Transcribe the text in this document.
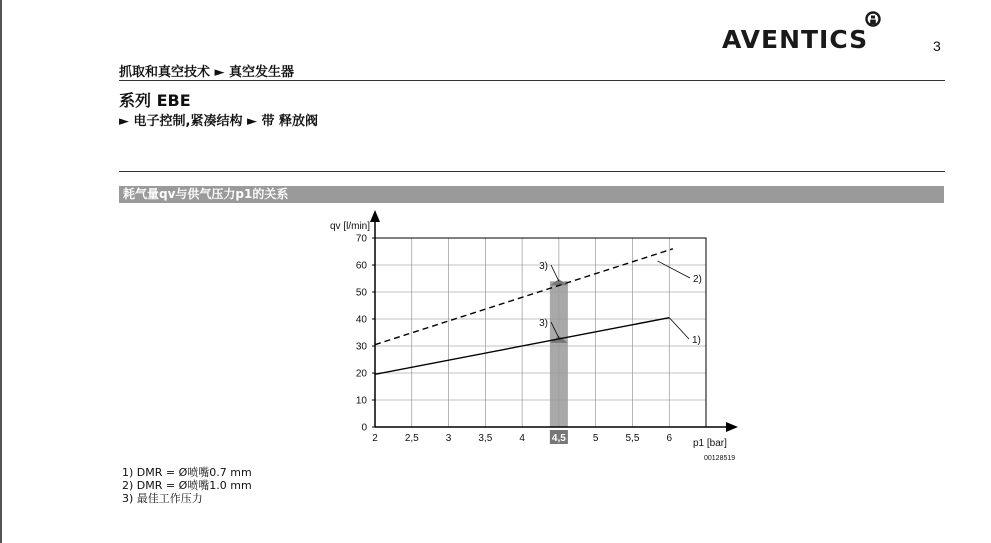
AVENTICS	3
抓取和真空技术 ► 真空发生器
系列 EBE
► 电子控制,紧凑结构 ► 带 释放阀
耗气量qv与供气压力p1的关系
4,5
2	2,5	3	3,5	4	5	5,5	6
0
10
20
30
40
50
60
70
qv [l/min]
p1 [bar]
00128519
1)
2)
3)
3)
1) DMR = Ø喷嘴0.7 mm
2) DMR = Ø喷嘴1.0 mm
3) 最佳工作压力
